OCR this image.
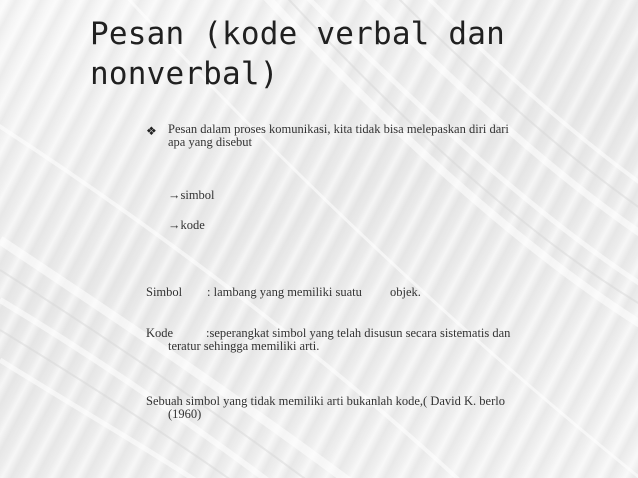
Pesan (kode verbal dan nonverbal)
❖ Pesan dalam proses komunikasi, kita tidak bisa melepaskan diri dari
apa yang disebut
→simbol
→kode
Simbol : lambang yang memiliki suatu objek.
Kode	:seperangkat simbol yang telah disusun secara sistematis dan
teratur sehingga memiliki arti.
Sebuah simbol yang tidak memiliki arti bukanlah kode,( David K. berlo
(1960)
